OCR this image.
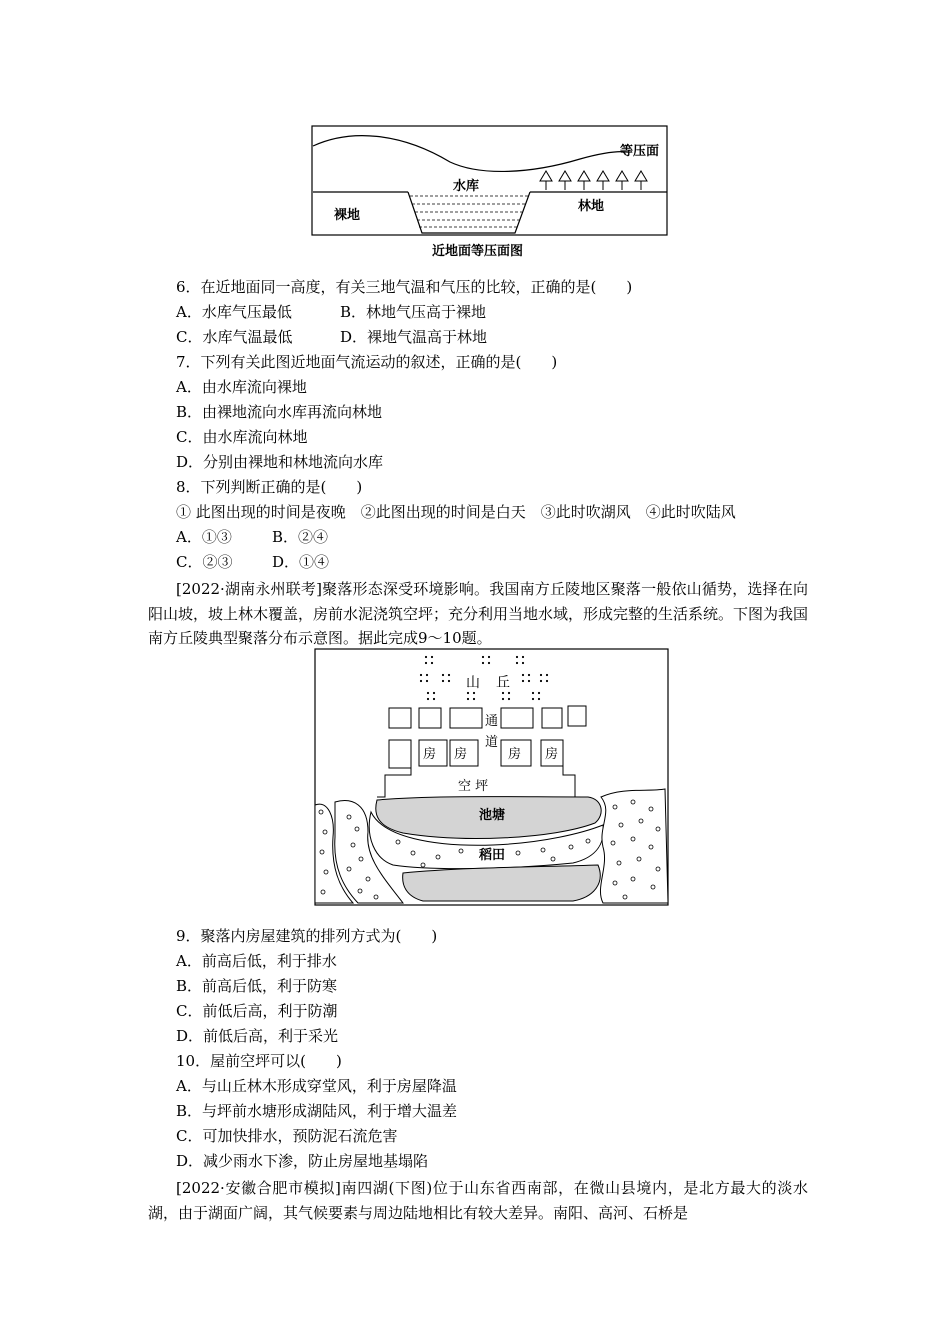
等压面
水库
裸地
林地
近地面等压面图
6．在近地面同一高度，有关三地气温和气压的比较，正确的是(　　)
A．水库气压最低	B．林地气压高于裸地
C．水库气温最低	D．裸地气温高于林地
7．下列有关此图近地面气流运动的叙述，正确的是(　　)
A．由水库流向裸地
B．由裸地流向水库再流向林地
C．由水库流向林地
D．分别由裸地和林地流向水库
8．下列判断正确的是(　　)
① 此图出现的时间是夜晚　②此图出现的时间是白天　③此时吹湖风　④此时吹陆风
A．①③	B．②④
C．②③	D．①④
[2022·湖南永州联考]聚落形态深受环境影响。我国南方丘陵地区聚落一般依山循势，选择在向阳山坡，坡上林木覆盖，房前水泥浇筑空坪；充分利用当地水域，形成完整的生活系统。下图为我国南方丘陵典型聚落分布示意图。据此完成9～10题。
山 丘
通
道
房 房	房 房
空 坪
池塘
稻田
9．聚落内房屋建筑的排列方式为(　　)
A．前高后低，利于排水
B．前高后低，利于防寒
C．前低后高，利于防潮
D．前低后高，利于采光
10．屋前空坪可以(　　)
A．与山丘林木形成穿堂风，利于房屋降温
B．与坪前水塘形成湖陆风，利于增大温差
C．可加快排水，预防泥石流危害
D．减少雨水下渗，防止房屋地基塌陷
[2022·安徽合肥市模拟]南四湖(下图)位于山东省西南部，在微山县境内，是北方最大的淡水湖，由于湖面广阔，其气候要素与周边陆地相比有较大差异。南阳、高河、石桥是
